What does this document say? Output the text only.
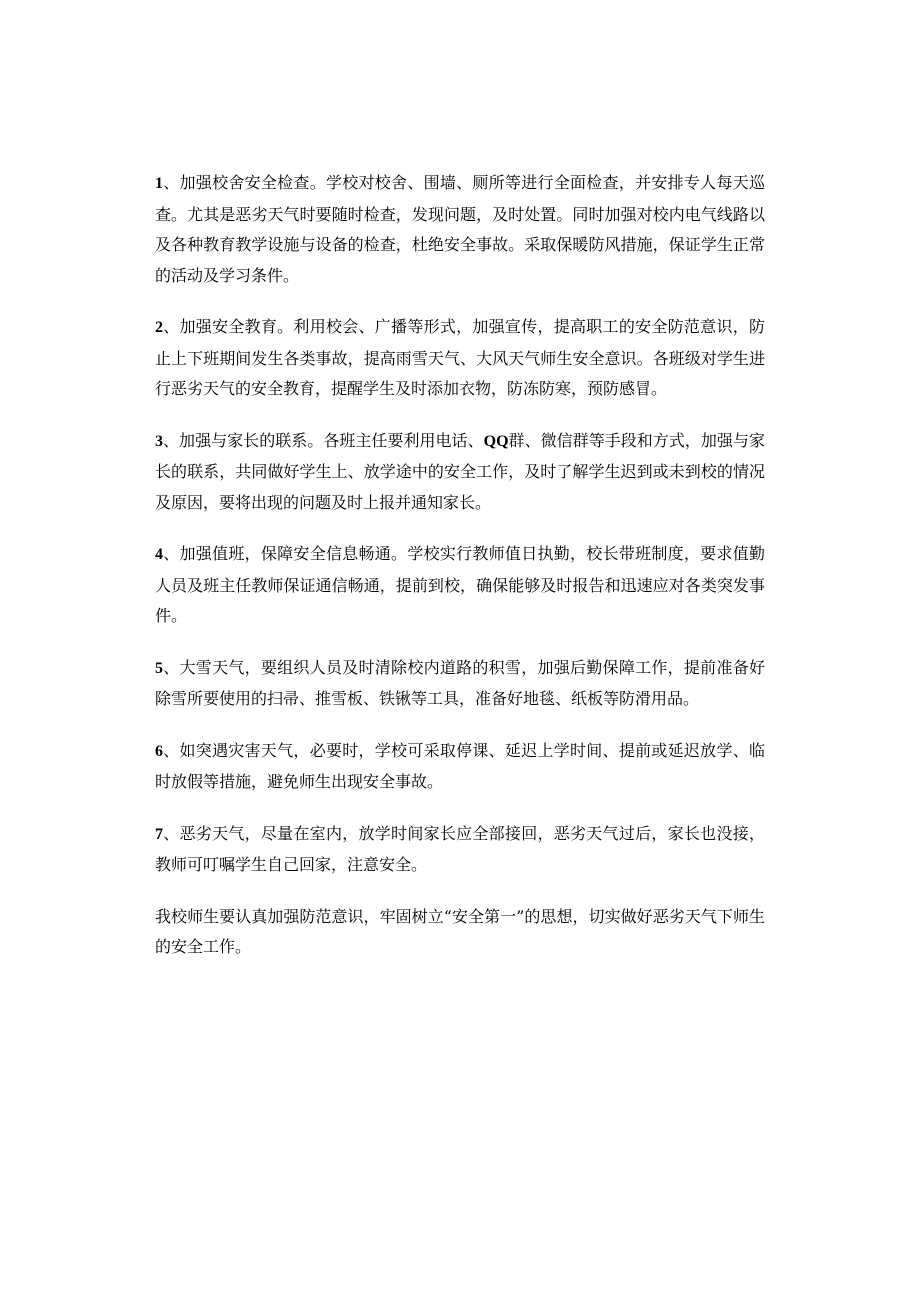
1、加强校舍安全检查。学校对校舍、围墙、厕所等进行全面检查，并安排专人每天巡查。尤其是恶劣天气时要随时检查，发现问题，及时处置。同时加强对校内电气线路以及各种教育教学设施与设备的检查，杜绝安全事故。采取保暖防风措施，保证学生正常的活动及学习条件。

2、加强安全教育。利用校会、广播等形式，加强宣传，提高职工的安全防范意识，防止上下班期间发生各类事故，提高雨雪天气、大风天气师生安全意识。各班级对学生进行恶劣天气的安全教育，提醒学生及时添加衣物，防冻防寒，预防感冒。

3、加强与家长的联系。各班主任要利用电话、QQ群、微信群等手段和方式，加强与家长的联系，共同做好学生上、放学途中的安全工作，及时了解学生迟到或未到校的情况及原因，要将出现的问题及时上报并通知家长。

4、加强值班，保障安全信息畅通。学校实行教师值日执勤，校长带班制度，要求值勤人员及班主任教师保证通信畅通，提前到校，确保能够及时报告和迅速应对各类突发事件。

5、大雪天气，要组织人员及时清除校内道路的积雪，加强后勤保障工作，提前准备好除雪所要使用的扫帚、推雪板、铁锹等工具，准备好地毯、纸板等防滑用品。

6、如突遇灾害天气，必要时，学校可采取停课、延迟上学时间、提前或延迟放学、临时放假等措施，避免师生出现安全事故。

7、恶劣天气，尽量在室内，放学时间家长应全部接回，恶劣天气过后，家长也没接，教师可叮嘱学生自己回家，注意安全。

我校师生要认真加强防范意识，牢固树立“安全第一”的思想，切实做好恶劣天气下师生的安全工作。
